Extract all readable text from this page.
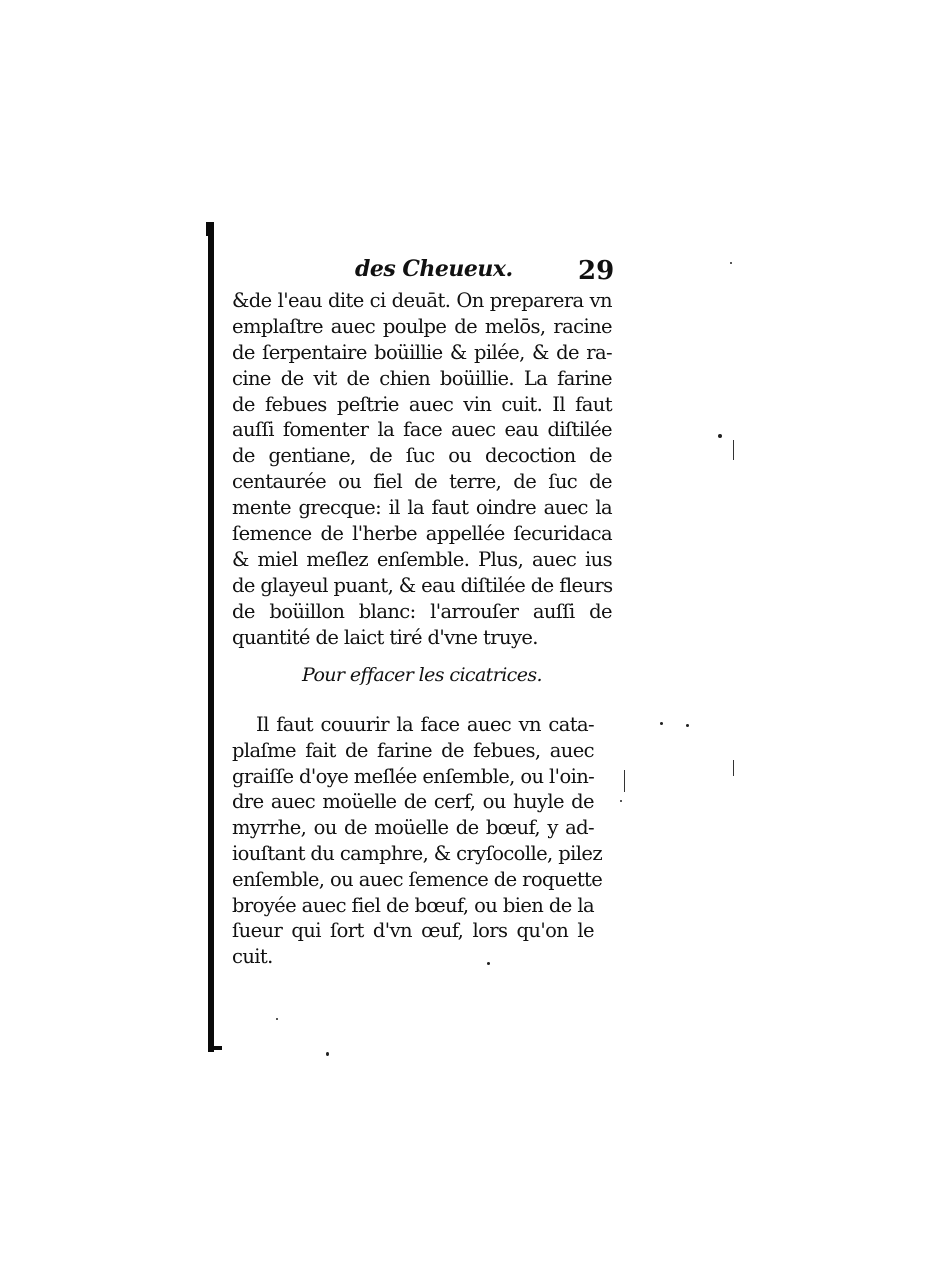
des Cheueux.	29
&de l'eau dite ci deuāt. On preparera vn
emplaſtre auec poulpe de melōs, racine
de ſerpentaire boüillie & pilée, & de ra-
cine de vit de chien boüillie. La farine
de febues peſtrie auec vin cuit. Il faut
auſſi fomenter la face auec eau diſtilée
de gentiane, de ſuc ou decoction de
centaurée ou fiel de terre, de ſuc de
mente grecque: il la faut oindre auec la
ſemence de l'herbe appellée ſecuridaca
& miel meſlez enſemble. Plus, auec ius
de glayeul puant, & eau diſtilée de fleurs
de boüillon blanc: l'arrouſer auſſi de
quantité de laict tiré d'vne truye.
Pour effacer les cicatrices.
Il faut couurir la face auec vn cata-
plaſme fait de farine de febues, auec
graiſſe d'oye meſlée enſemble, ou l'oin-
dre auec moüelle de cerf, ou huyle de
myrrhe, ou de moüelle de bœuf, y ad-
iouſtant du camphre, & cryſocolle, pilez
enſemble, ou auec ſemence de roquette
broyée auec fiel de bœuf, ou bien de la
ſueur qui ſort d'vn œuf, lors qu'on le
cuit.
